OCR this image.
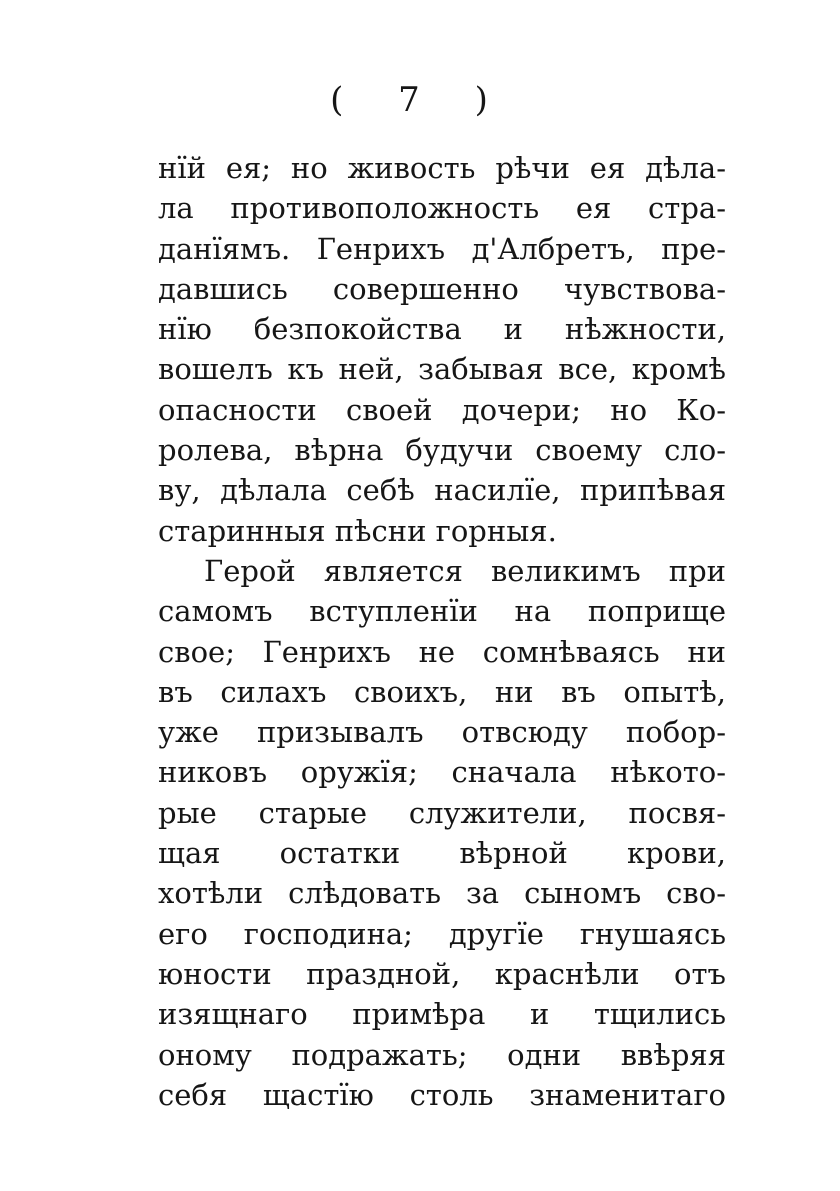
( 7 )
нїй ея; но живость рѣчи ея дѣла-
ла противоположность ея стра-
данїямъ. Генрихъ д'Албретъ, пре-
давшись совершенно чувствова-
нїю безпокойства и нѣжности,
вошелъ къ ней, забывая все, кромѣ
опасности своей дочери; но Ко-
ролева, вѣрна будучи своему сло-
ву, дѣлала себѣ насилїе, припѣвая
старинныя пѣсни горныя.
Герой является великимъ при
самомъ вступленїи на поприще
свое; Генрихъ не сомнѣваясь ни
въ силахъ своихъ, ни въ опытѣ,
уже призывалъ отвсюду побор-
никовъ оружїя; сначала нѣкото-
рые старые служители, посвя-
щая остатки вѣрной крови,
хотѣли слѣдовать за сыномъ сво-
его господина; другїе гнушаясь
юности праздной, краснѣли отъ
изящнаго примѣра и тщились
оному подражать; одни ввѣряя
себя щастїю столь знаменитаго
